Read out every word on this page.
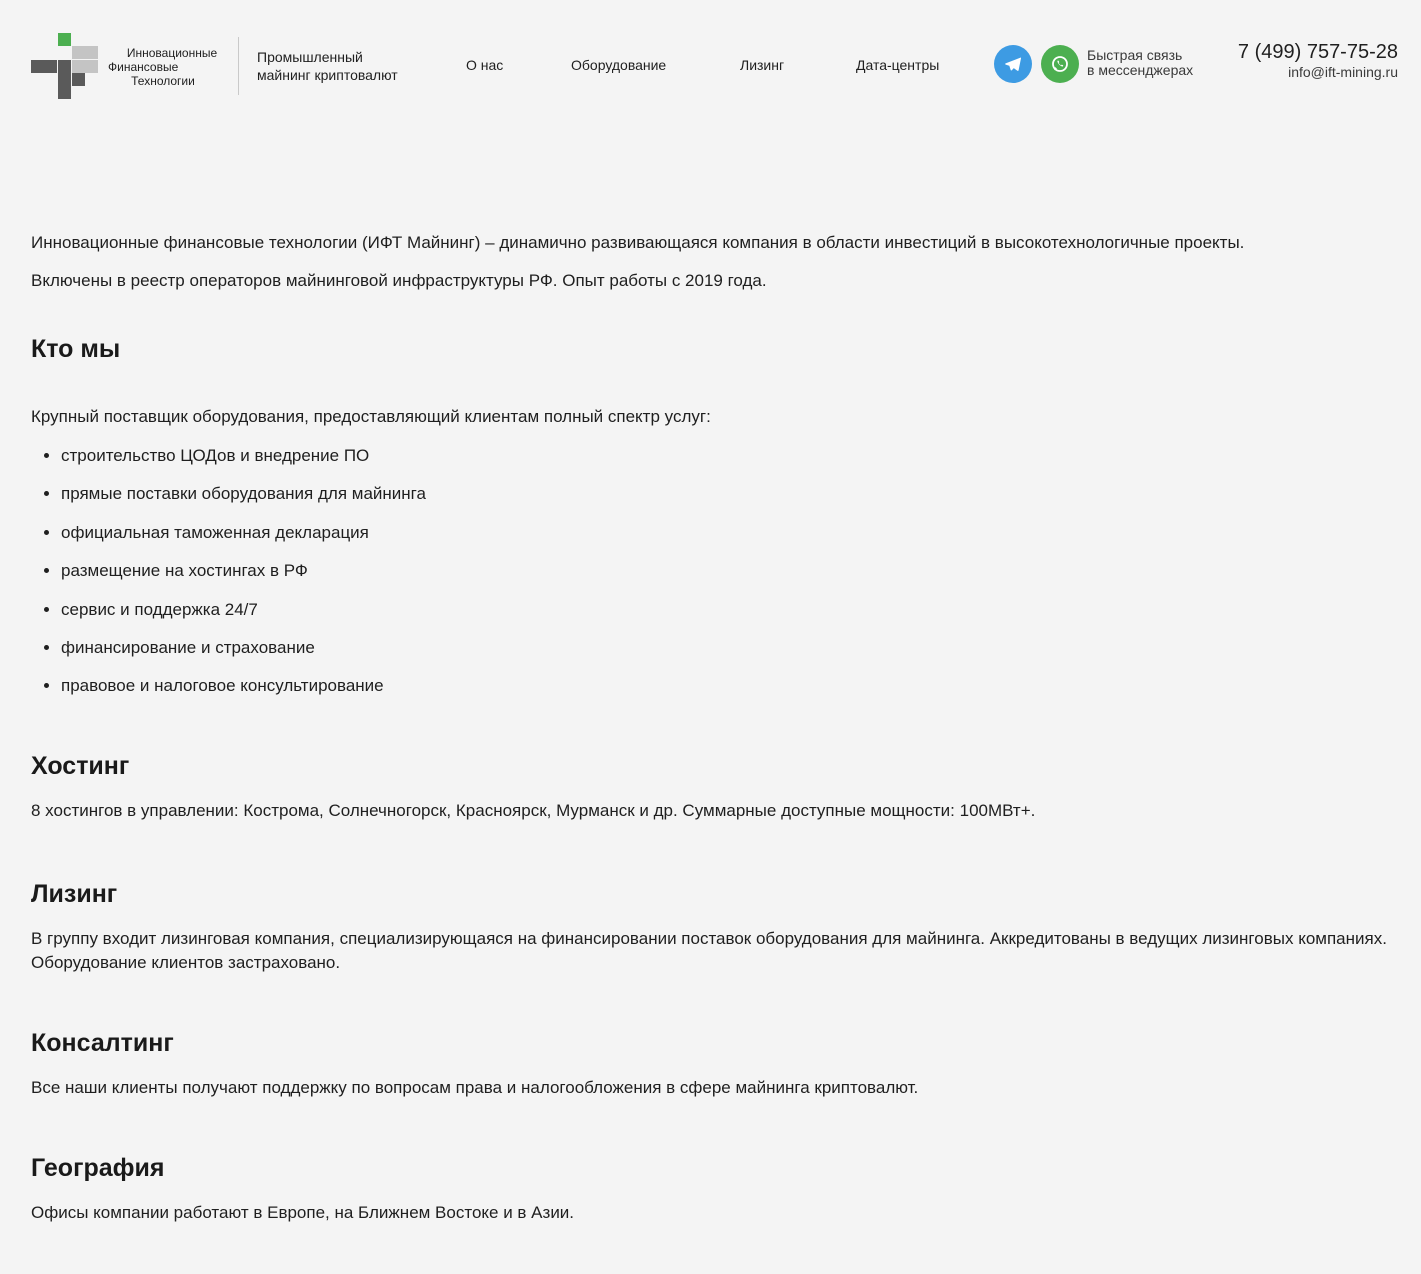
Инновационные
Финансовые
Технологии
Промышленный
майнинг криптовалют
О нас	Оборудование	Лизинг	Дата-центры
Быстрая связь
в мессенджерах
7 (499) 757-75-28
info@ift-mining.ru

Инновационные финансовые технологии (ИФТ Майнинг) – динамично развивающаяся компания в области инвестиций в высокотехнологичные проекты.

Включены в реестр операторов майнинговой инфраструктуры РФ. Опыт работы с 2019 года.

Кто мы

Крупный поставщик оборудования, предоставляющий клиентам полный спектр услуг:

• строительство ЦОДов и внедрение ПО
• прямые поставки оборудования для майнинга
• официальная таможенная декларация
• размещение на хостингах в РФ
• сервис и поддержка 24/7
• финансирование и страхование
• правовое и налоговое консультирование
Хостинг

8 хостингов в управлении: Кострома, Солнечногорск, Красноярск, Мурманск и др. Суммарные доступные мощности: 100МВт+.

Лизинг

В группу входит лизинговая компания, специализирующаяся на финансировании поставок оборудования для майнинга. Аккредитованы в ведущих лизинговых компаниях. Оборудование клиентов застраховано.

Консалтинг

Все наши клиенты получают поддержку по вопросам права и налогообложения в сфере майнинга криптовалют.

География

Офисы компании работают в Европе, на Ближнем Востоке и в Азии.
